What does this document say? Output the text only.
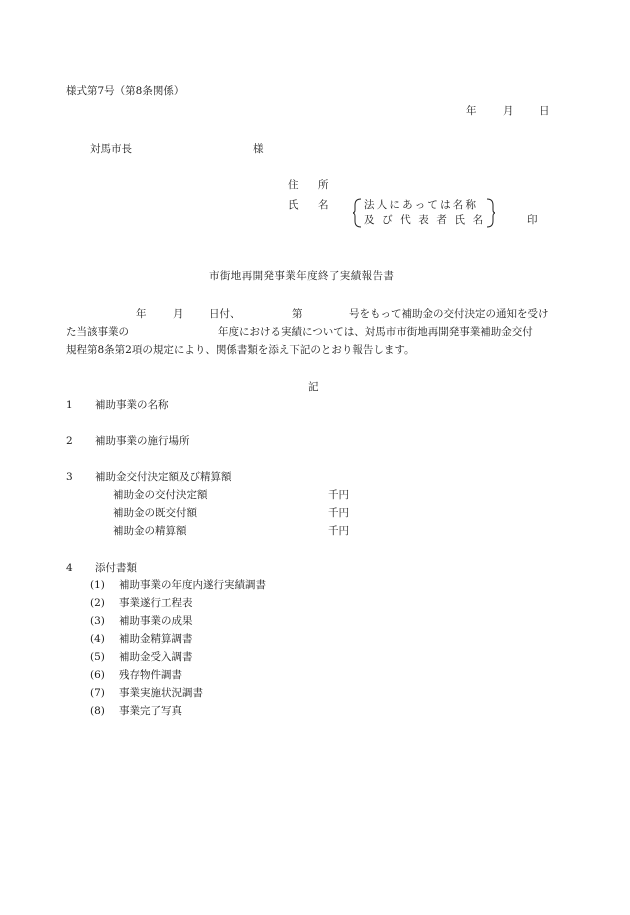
様式第7号（第8条関係）
年	月 日
対馬市長	様
住 所
氏 名	法人にあっては名称
及び代表者氏名	印
市街地再開発事業年度終了実績報告書
年	月 日付、	第	号をもって補助金の交付決定の通知を受け
た当該事業の	年度における実績については、対馬市市街地再開発事業補助金交付
規程第8条第2項の規定により、関係書類を添え下記のとおり報告します。
記
1 補助事業の名称
2 補助事業の施行場所
3 補助金交付決定額及び精算額
補助金の交付決定額	千円
補助金の既交付額	千円
補助金の精算額	千円
4 添付書類
(1) 補助事業の年度内遂行実績調書
(2) 事業遂行工程表
(3) 補助事業の成果
(4) 補助金精算調書
(5) 補助金受入調書
(6) 残存物件調書
(7) 事業実施状況調書
(8) 事業完了写真
